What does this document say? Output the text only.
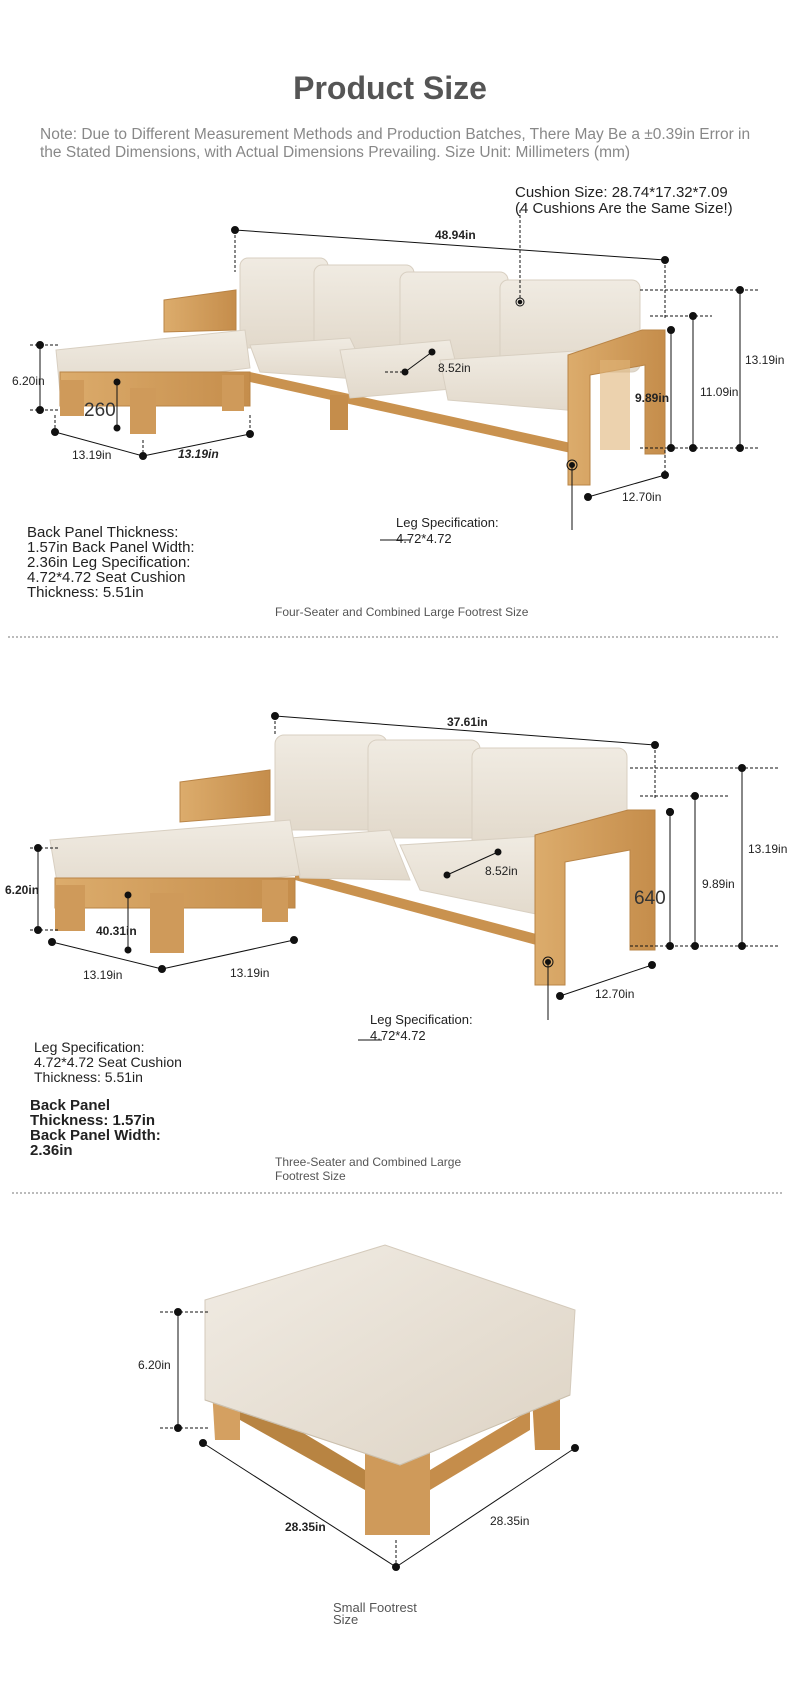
Product Size
Note: Due to Different Measurement Methods and Production Batches, There May Be a ±0.39in Error in the Stated Dimensions, with Actual Dimensions Prevailing. Size Unit: Millimeters (mm)
Cushion Size: 28.74*17.32*7.09 (4 Cushions Are the Same Size!)
48.94in
8.52in
13.19in
11.09in
9.89in
6.20in
260
13.19in	13.19in
12.70in
Leg Specification: 4.72*4.72
Back Panel Thickness: 1.57in Back Panel Width: 2.36in Leg Specification: 4.72*4.72 Seat Cushion Thickness: 5.51in
Four-Seater and Combined Large Footrest Size
37.61in
8.52in
13.19in
9.89in
640
6.20in
40.31in
13.19in	13.19in
12.70in
Leg Specification: 4.72*4.72
Leg Specification: 4.72*4.72 Seat Cushion Thickness: 5.51in
Back Panel Thickness: 1.57in Back Panel Width: 2.36in
Three-Seater and Combined Large Footrest Size
6.20in
28.35in	28.35in
Small Footrest Size
